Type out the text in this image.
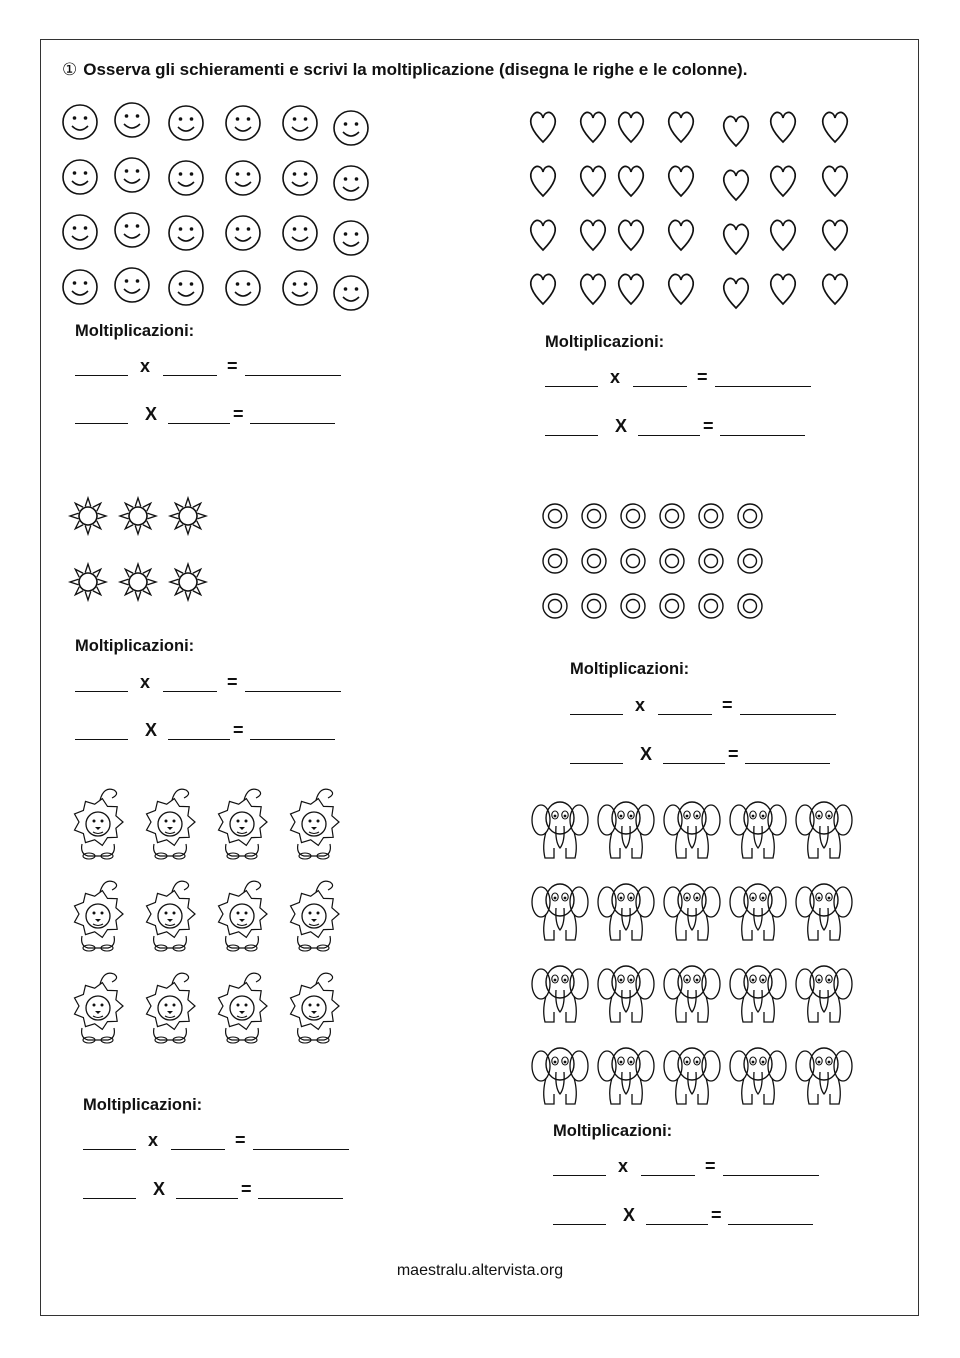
① Osserva gli schieramenti e scrivi la moltiplicazione (disegna le righe e le colonne).
Moltiplicazioni:
Moltiplicazioni:
Moltiplicazioni:
Moltiplicazioni:
Moltiplicazioni:
Moltiplicazioni:
x	=
X	=
x	=
X	=
x	=
X	=
x	=
X	=
x	=
X	=
x	=
X	=
maestralu.altervista.org
